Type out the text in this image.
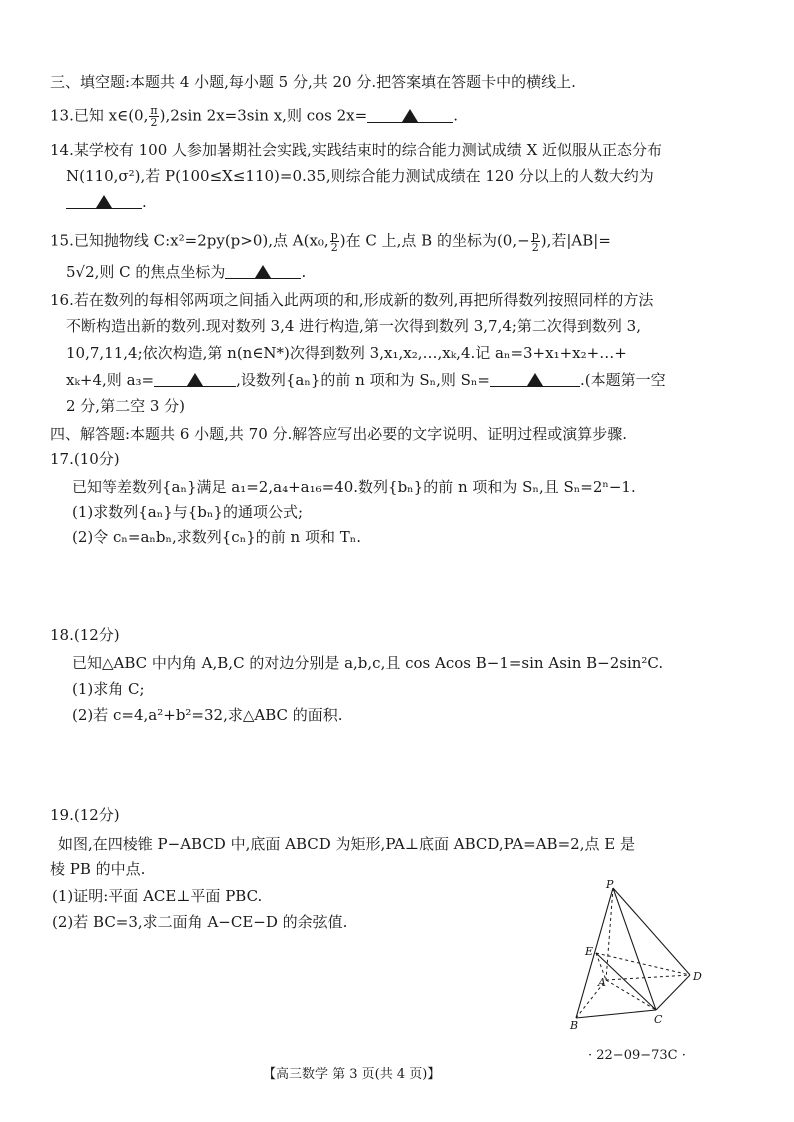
三、填空题:本题共 4 小题,每小题 5 分,共 20 分.把答案填在答题卡中的横线上.
13.已知 x∈(0, $\frac{\pi}{2} ),2\sin$ 2x=3sin x,则 cos 2x=	.
14.某学校有 100 人参加暑期社会实践,实践结束时的综合能力测试成绩 X 近似服从正态分布
N(110,σ²),若 P(100≤X≤110)=0.35,则综合能力测试成绩在 120 分以上的人数大约为
.
15.已知抛物线 C:x²=2py(p>0),点 A(x₀, $\frac{p}{2}$ )在 C 上,点 B 的坐标为($0,- \frac{p}{2}$ ),若|AB|=
5√2,则 C 的焦点坐标为	.
16.若在数列的每相邻两项之间插入此两项的和,形成新的数列,再把所得数列按照同样的方法
不断构造出新的数列.现对数列 3,4 进行构造,第一次得到数列 3,7,4;第二次得到数列 3,
10,7,11,4;依次构造,第 n(n∈N*)次得到数列 3,x₁,x₂,…,xₖ,4.记 aₙ=3+x₁+x₂+…+
xₖ+4,则 a₃=	,设数列{aₙ}的前 n 项和为 Sₙ,则 Sₙ=	.(本题第一空
2 分,第二空 3 分)
四、解答题:本题共 6 小题,共 70 分.解答应写出必要的文字说明、证明过程或演算步骤.
17.(10分)
已知等差数列{aₙ}满足 a₁=2,a₄+a₁₆=40.数列{bₙ}的前 n 项和为 Sₙ,且 Sₙ=2ⁿ−1.
(1)求数列{aₙ}与{bₙ}的通项公式;
(2)令 cₙ=aₙbₙ,求数列{cₙ}的前 n 项和 Tₙ.
18.(12分)
已知△ABC 中内角 A,B,C 的对边分别是 a,b,c,且 cos Acos B−1=sin Asin B−2sin²C.
(1)求角 C;
(2)若 c=4,a²+b²=32,求△ABC 的面积.
19.(12分)
如图,在四棱锥 P−ABCD 中,底面 ABCD 为矩形,PA⊥底面 ABCD,PA=AB=2,点 E 是
棱 PB 的中点.
(1)证明:平面 ACE⊥平面 PBC.
(2)若 BC=3,求二面角 A−CE−D 的余弦值.
P
E
A
B	C
D
【高三数学 第 3 页(共 4 页)】
· 22−09−73C ·
